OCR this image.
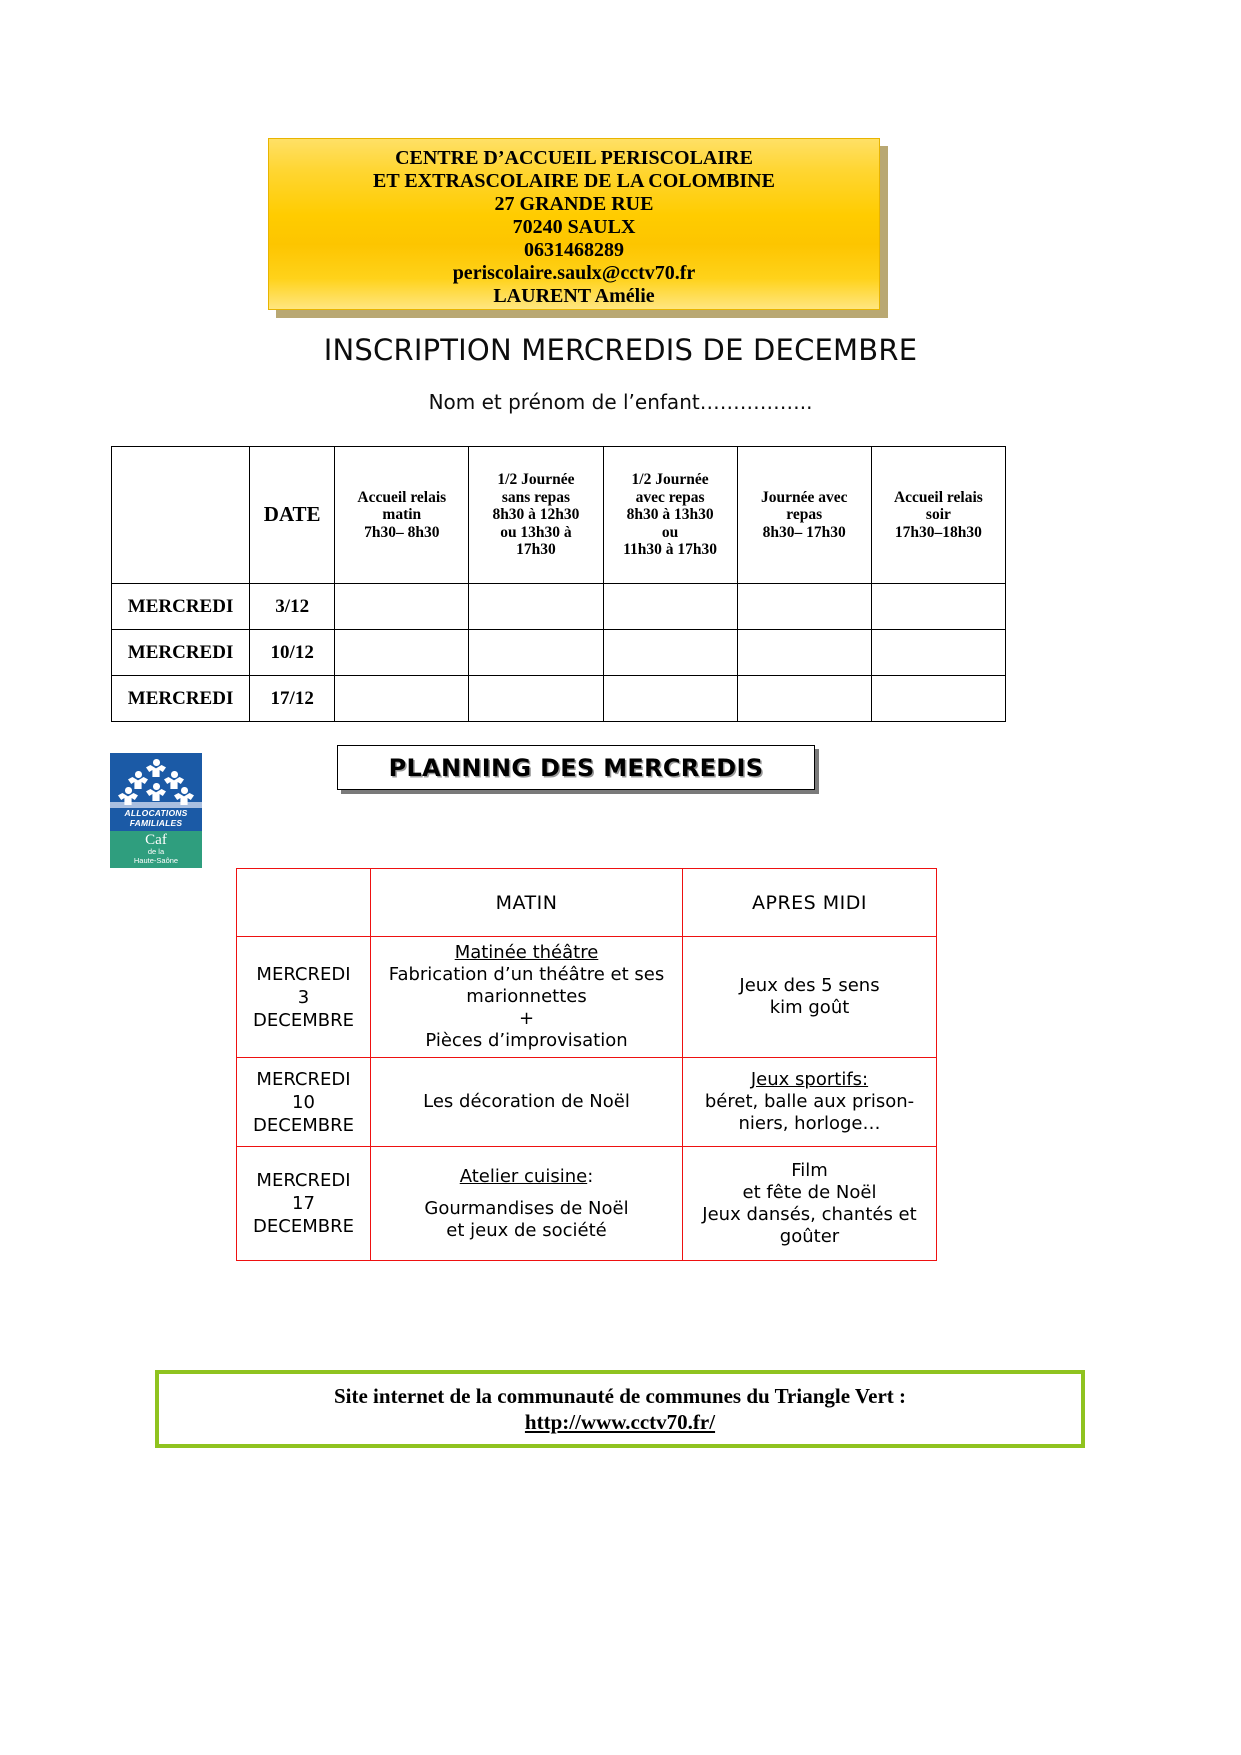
CENTRE D’ACCUEIL PERISCOLAIRE
ET EXTRASCOLAIRE DE LA COLOMBINE
27 GRANDE RUE
70240 SAULX
0631468289
periscolaire.saulx@cctv70.fr
LAURENT Amélie
INSCRIPTION MERCREDIS DE DECEMBRE
Nom et prénom de l’enfant……………..
	DATE	Accueil relais
matin
7h30– 8h30	1/2 Journée
sans repas
8h30 à 12h30
ou 13h30 à
17h30	1/2 Journée
avec repas
8h30 à 13h30
ou
11h30 à 17h30	Journée avec
repas
8h30– 17h30	Accueil relais
soir
17h30–18h30
MERCREDI	3/12					
MERCREDI	10/12					
MERCREDI	17/12					
ALLOCATIONS
FAMILIALES
Caf
de la
Haute-Saône
PLANNING DES MERCREDIS
	MATIN	APRES MIDI
MERCREDI
3
DECEMBRE	Matinée théâtre
Fabrication d’un théâtre et ses
marionnettes
+
Pièces d’improvisation	Jeux des 5 sens
kim goût

MERCREDI
10
DECEMBRE	Les décoration de Noël	Jeux sportifs:
béret, balle aux prison-
niers, horloge…

MERCREDI
17
DECEMBRE	Atelier cuisine:
Gourmandises de Noël
et jeux de société	Film
et fête de Noël
Jeux dansés, chantés et
goûter
Site internet de la communauté de communes du Triangle Vert :
http://www.cctv70.fr/
